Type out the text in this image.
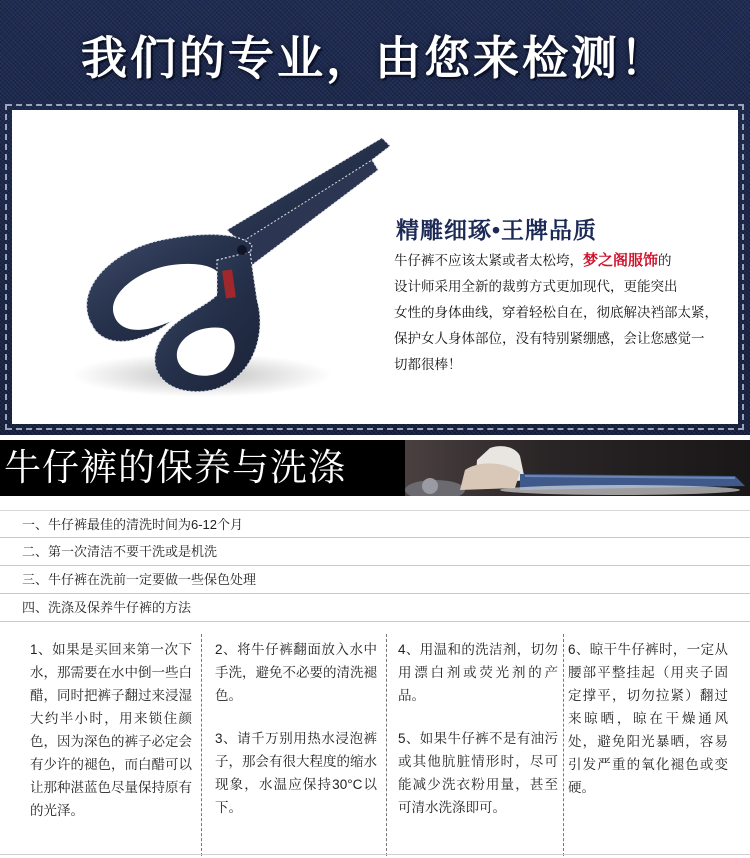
我们的专业，由您来检测！
精雕细琢•王牌品质
牛仔裤不应该太紧或者太松垮，梦之阁服饰的
设计师采用全新的裁剪方式更加现代，更能突出
女性的身体曲线，穿着轻松自在，彻底解决裆部太紧，
保护女人身体部位，没有特别紧绷感，会让您感觉一
切都很棒！
牛仔裤的保养与洗涤
一、牛仔裤最佳的清洗时间为6-12个月
二、第一次清洁不要干洗或是机洗
三、牛仔裤在洗前一定要做一些保色处理
四、洗涤及保养牛仔裤的方法

1、如果是买回来第一次下水，那需要在水中倒一些白醋，同时把裤子翻过来浸湿大约半小时，用来锁住颜色，因为深色的裤子必定会有少许的褪色，而白醋可以让那种湛蓝色尽量保持原有的光泽。

2、将牛仔裤翻面放入水中手洗，避免不必要的清洗褪色。

3、请千万别用热水浸泡裤子，那会有很大程度的缩水现象，水温应保持30°C以下。

4、用温和的洗洁剂，切勿用漂白剂或荧光剂的产品。

5、如果牛仔裤不是有油污或其他肮脏情形时，尽可能减少洗衣粉用量，甚至可清水洗涤即可。

6、晾干牛仔裤时，一定从腰部平整挂起（用夹子固定撑平，切勿拉紧）翻过来晾晒，晾在干燥通风处，避免阳光暴晒，容易引发严重的氧化褪色或变硬。
